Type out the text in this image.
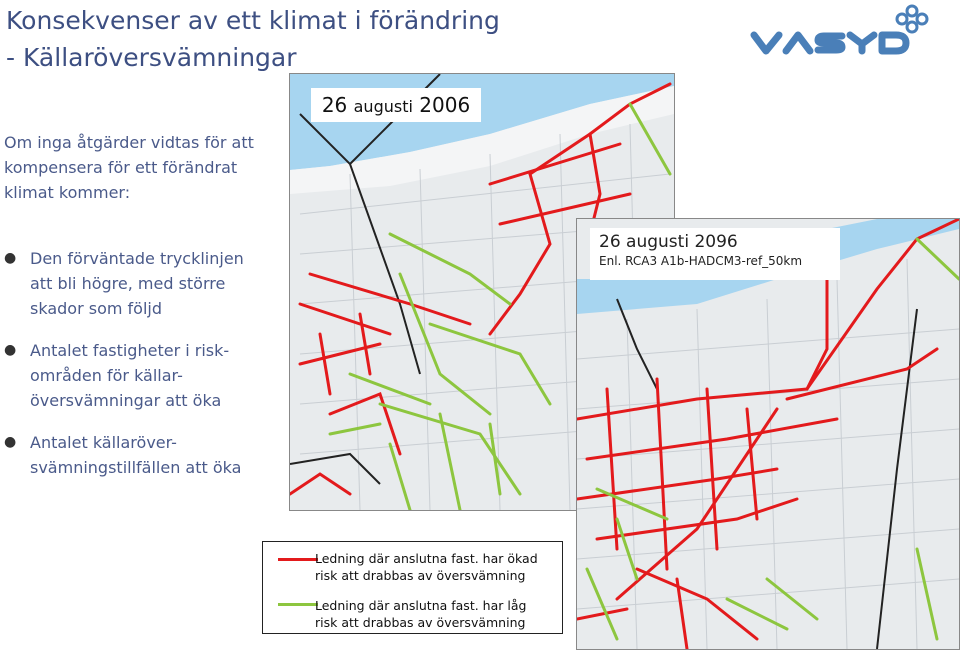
Konsekvenser av ett klimat i förändring
- Källaröversvämningar
VASYD
Om inga åtgärder vidtas för att
kompensera för ett förändrat
klimat kommer:
● Den förväntade trycklinjen
att bli högre, med större
skador som följd
● Antalet fastigheter i risk-
områden för källar-
översvämningar att öka
● Antalet källaröver-
svämningstillfällen att öka
26 augusti 2006
26 augusti 2096
Enl. RCA3 A1b-HADCM3-ref_50km
Ledning där anslutna fast. har ökad
risk att drabbas av översvämning
Ledning där anslutna fast. har låg
risk att drabbas av översvämning
